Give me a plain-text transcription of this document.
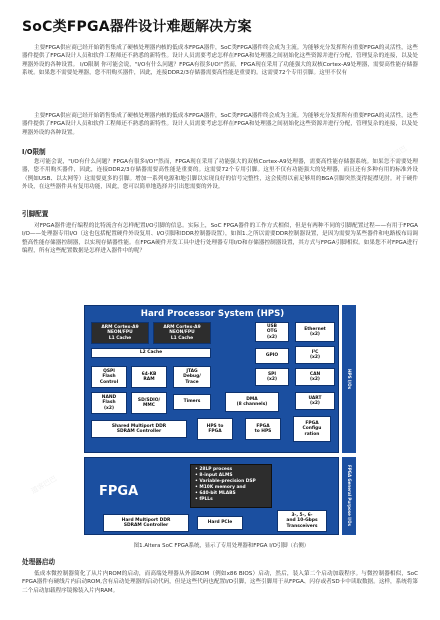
SoC类FPGA器件设计难题解决方案
主要FPGA供应商已经开始销售集成了硬核处理器内核的低成本FPGA器件，SoC类FPGA器件终会成为主流。为能够充分发挥所有重要FPGA的灵活性，这些器件提供了FPGA设计人员和软件工程师还不熟悉的新特性。设计人员需要考虑怎样在FPGA和处理器之间初始化这些资源并进行分配，管理复杂的连接，以及处理器外设的各种设置。 I/O限制 你可能会说，"I/O有什么问题？FPGA有很多I/O!"然而，FPGA现在采用了功能强大的双核Cortex-A9处理器，需要高性能存储器系统。如果您不需要处理器，您不用购买器件，因此，连接DDR2/3存储器需要高性能是重要的。这需要72个专用引脚。这里不仅有
主要FPGA供应商已经开始销售集成了硬核处理器内核的低成本FPGA器件，SoC类FPGA器件终会成为主流。为能够充分发挥所有重要FPGA的灵活性，这些器件提供了FPGA设计人员和软件工程师还不熟悉的新特性。设计人员需要考虑怎样在FPGA和处理器之间初始化这些资源并进行分配，管理复杂的连接，以及处理器外设的各种设置。
I/O限制
您可能会说，"I/O有什么问题？FPGA有很多I/O!"然而，FPGA现在采用了功能强大的双核Cortex-A9处理器，需要高性能存储器系统。如果您不需要处理器，您不用购买器件，因此，连接DDR2/3存储器需要高性能是重要的。这需要72个专用引脚。这里不仅有功能强大的处理器，而且还有多种有用的标准外设（例如USB、以太网等）这需要更多的引脚。增加一系列电源和地引脚以实现良好的信号完整性，这会使得以前足够用的BGA引脚突然变得捉襟见肘。对于硬件外设，在这些器件具有复用功能，因此，您可以简单地选择并引出您需要的外设。
引脚配置
对FPGA器件进行编程的比特流含有怎样配置I/O引脚的信息。实际上，SoC FPGA器件的工作方式相似，但是有两种不同的引脚配置过程——有用于FPGA I/O——处理器专用I/O（这也包括配置硬件外设复用、I/O引脚和DDR控制器设置），如图1.之所以需要DDR控制器设置，是因为需要为某些器件和电路板布局调整高性能存储器控制器，以实现存储器性能。在FPGA硬件开发工具中进行处理器专用I/O和存储器控制器设置，其方式与FPGA引脚相似。如果您不对FPGA进行编程，所有这些配置数据是怎样进入器件中的呢？
Hard Processor System (HPS)
ARM Cortex-A9
NEON/FPU
L1 Cache
ARM Cortex-A9
NEON/FPU
L1 Cache
USB
OTG
(x2)
Ethernet
(x2)
L2 Cache
GPIO
I²C
(x2)
QSPI
Flash
Control
64-KB
RAM
JTAG
Debug/
Trace
SPI
(x2)
CAN
(x2)
NAND
Flash
(x2)
SD/SDIO/
MMC
Timers
DMA
(8 channels)
UART
(x2)
Shared Multiport DDR
SDRAM Controller
HPS to
FPGA
FPGA
to HPS
FPGA
Configu
ration
HPS I/Os
FPGA
• 28LP process
• 8-input ALMS
• Variable-precision DSP
• M10K memory and
• 640-bit MLABS
• fPLLs
Hard Multiport DDR
SDRAM Controller
Hard PCIe
3-, 5-, 6-
and 10-Gbps
Transceivers	FPGA General Purpose I/Os
图1.Altera SoC FPGA系统，显示了专用处理器和FPGA I/O引脚（右侧）
处理器启动
低成本微控制器简化了从片内ROM的启动，而高端处理器从外部ROM（例如x86 BIOS）启动，然后，装入第二个启动加载程序。与微控制器相似，SoC FPGA器件有硬线片内启动ROM,含有启动处理器的启动代码，但是这些代码也配置I/O引脚，这些引脚用于从FPGA、闪存或者SD卡中读取数据。这样，系统将第二个启动加载程序镜像装入片内RAM。
道客巴巴
道客巴巴
